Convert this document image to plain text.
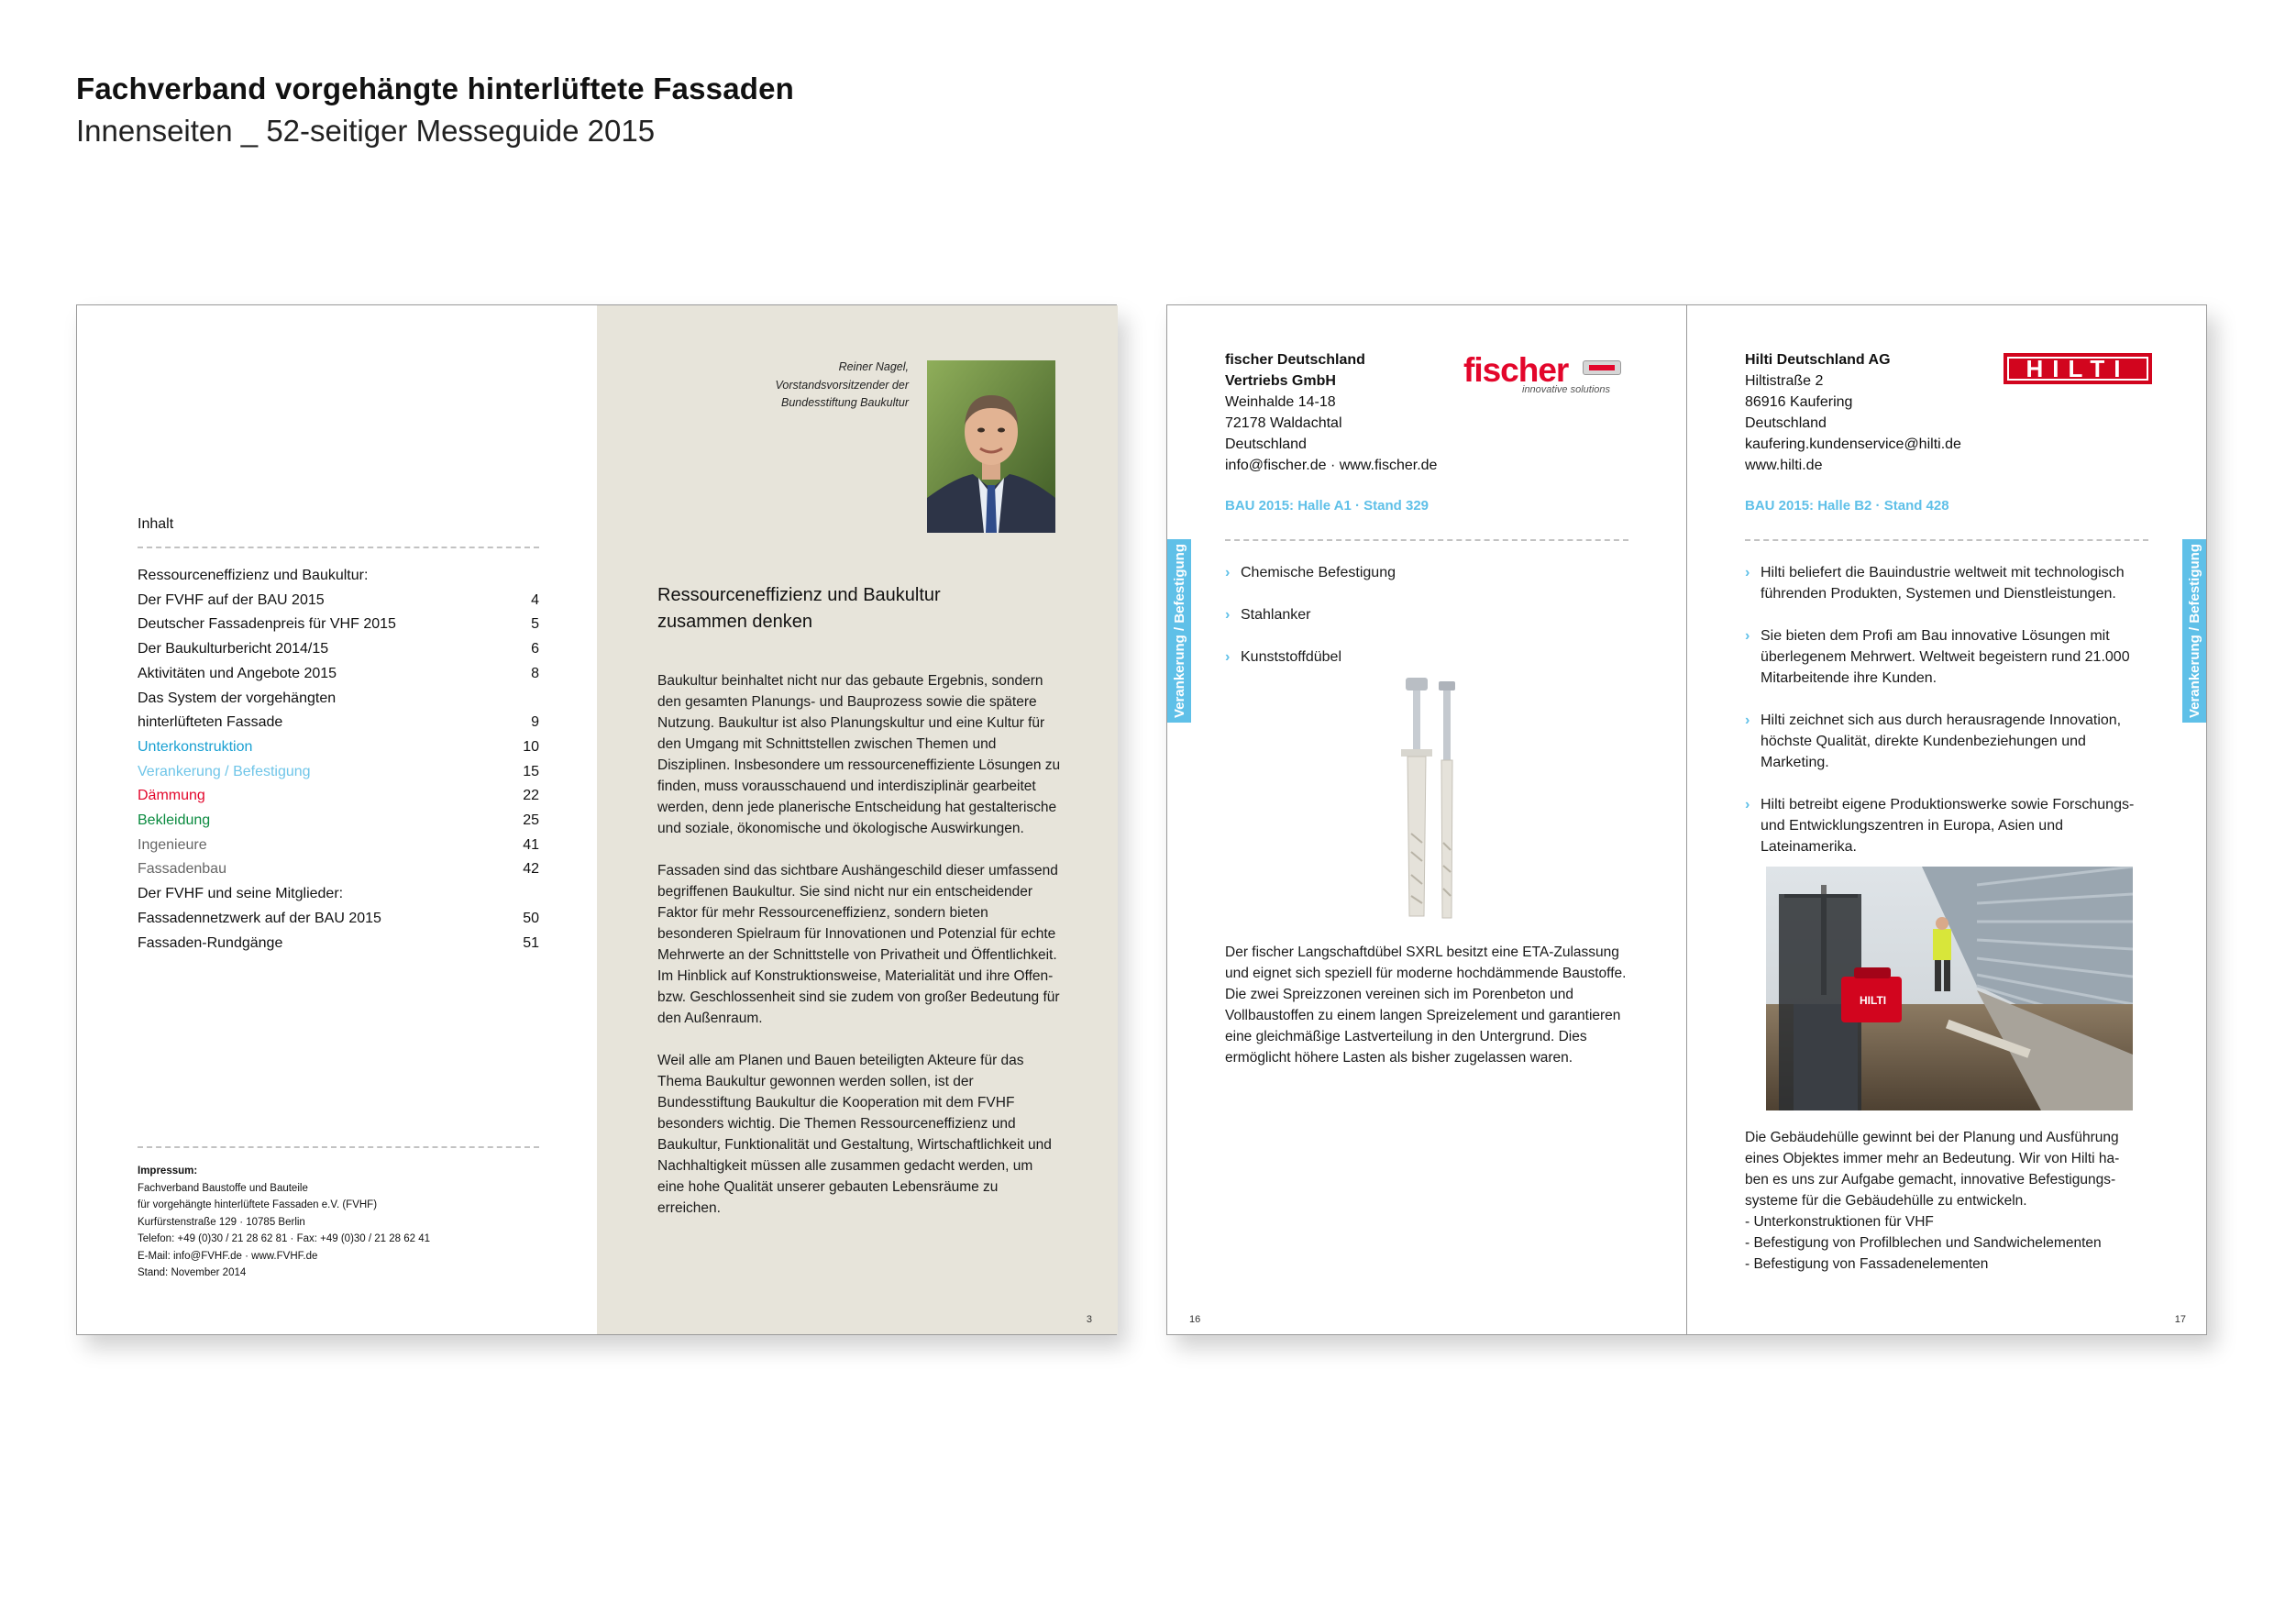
Fachverband vorgehängte hinterlüftete Fassaden
Innenseiten _ 52-seitiger Messeguide 2015
Inhalt
Ressourceneffizienz und Baukultur:
Der FVHF auf der BAU 2015	4
Deutscher Fassadenpreis für VHF 2015	5
Der Baukulturbericht 2014/15	6
Aktivitäten und Angebote 2015	8
Das System der vorgehängten
hinterlüfteten Fassade	9
Unterkonstruktion	10
Verankerung / Befestigung	15
Dämmung	22
Bekleidung	25
Ingenieure	41
Fassadenbau	42
Der FVHF und seine Mitglieder:
Fassadennetzwerk auf der BAU 2015	50
Fassaden-Rundgänge	51
Impressum:
Fachverband Baustoffe und Bauteile
für vorgehängte hinterlüftete Fassaden e.V. (FVHF)
Kurfürstenstraße 129 · 10785 Berlin
Telefon: +49 (0)30 / 21 28 62 81 · Fax: +49 (0)30 / 21 28 62 41
E-Mail: info@FVHF.de · www.FVHF.de
Stand: November 2014
Reiner Nagel,
Vorstandsvorsitzender der
Bundesstiftung Baukultur
Ressourceneffizienz und Baukultur
zusammen denken

Baukultur beinhaltet nicht nur das gebaute Ergebnis, sondern den gesamten Planungs- und Bauprozess sowie die spätere Nutzung. Baukultur ist also Planungskultur und eine Kultur für den Umgang mit Schnittstellen zwischen Themen und Disziplinen. Insbesondere um ressourceneffiziente Lösungen zu finden, muss vorausschauend und interdisziplinär gearbeitet werden, denn jede planerische Entscheidung hat gestalterische und soziale, ökonomische und ökologische Auswirkungen.

Fassaden sind das sichtbare Aushängeschild dieser umfassend begriffenen Baukultur. Sie sind nicht nur ein entscheidender Faktor für mehr Ressourceneffizienz, sondern bieten besonderen Spielraum für Innovationen und Potenzial für echte Mehrwerte an der Schnittstelle von Privatheit und Öffentlichkeit. Im Hinblick auf Konstruktionsweise, Materialität und ihre Offen- bzw. Geschlossenheit sind sie zudem von großer Bedeutung für den Außenraum.

Weil alle am Planen und Bauen beteiligten Akteure für das Thema Baukultur gewonnen werden sollen, ist der Bundesstiftung Baukultur die Kooperation mit dem FVHF besonders wichtig. Die Themen Ressourceneffizienz und Baukultur, Funktionalität und Gestaltung, Wirtschaftlichkeit und Nachhaltigkeit müssen alle zusammen gedacht werden, um eine hohe Qualität unserer gebauten Lebensräume zu erreichen.

3
fischer Deutschland
Vertriebs GmbH
Weinhalde 14-18
72178 Waldachtal
Deutschland
info@fischer.de · www.fischer.de
fischer
innovative solutions
BAU 2015: Halle A1 · Stand 329
Verankerung / Befestigung	› Chemische Befestigung
› Stahlanker
› Kunststoffdübel
Der fischer Langschaftdübel SXRL besitzt eine ETA-Zulassung und eignet sich speziell für moderne hochdämmende Baustoffe. Die zwei Spreizzonen vereinen sich im Porenbeton und Vollbaustoffen zu einem langen Spreizelement und garantieren eine gleichmäßige Lastverteilung in den Untergrund. Dies ermöglicht höhere Lasten als bisher zugelassen waren.
16
Hilti Deutschland AG
Hiltistraße 2
86916 Kaufering
Deutschland
kaufering.kundenservice@hilti.de
www.hilti.de
HILTI
BAU 2015: Halle B2 · Stand 428
Verankerung / Befestigung
› Hilti beliefert die Bauindustrie weltweit mit technologisch führenden Produkten, Systemen und Dienstleistungen.
› Sie bieten dem Profi am Bau innovative Lösungen mit überlegenem Mehrwert. Weltweit begeistern rund 21.000 Mitarbeitende ihre Kunden.
› Hilti zeichnet sich aus durch herausragende Innovation, höchste Qualität, direkte Kundenbeziehungen und Marketing.
› Hilti betreibt eigene Produktionswerke sowie Forschungs- und Entwicklungszentren in Europa, Asien und Lateinamerika.
HILTI
Die Gebäudehülle gewinnt bei der Planung und Ausführung
eines Objektes immer mehr an Bedeutung. Wir von Hilti ha-
ben es uns zur Aufgabe gemacht, innovative Befestigungs-
systeme für die Gebäudehülle zu entwickeln.
- Unterkonstruktionen für VHF
- Befestigung von Profilblechen und Sandwichelementen
- Befestigung von Fassadenelementen
17
